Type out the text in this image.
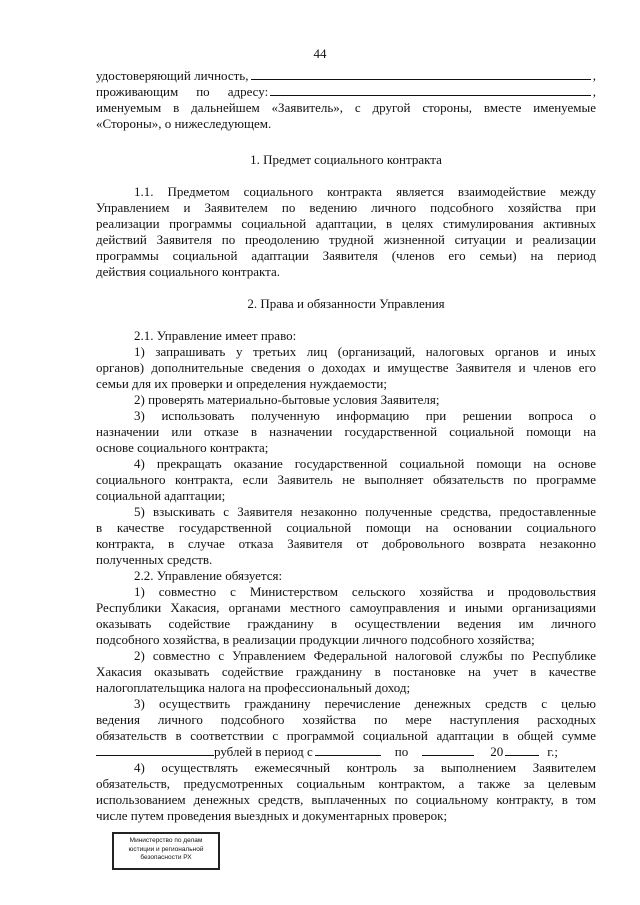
44
удостоверяющий личность,	,
проживающим по адресу:	,
именуемым в дальнейшем «Заявитель», с другой стороны, вместе именуемые
«Стороны», о нижеследующем.
1. Предмет социального контракта
1.1. Предметом социального контракта является взаимодействие между
Управлением и Заявителем по ведению личного подсобного хозяйства при
реализации программы социальной адаптации, в целях стимулирования активных
действий Заявителя по преодолению трудной жизненной ситуации и реализации
программы социальной адаптации Заявителя (членов его семьи) на период
действия социального контракта.
2. Права и обязанности Управления
2.1. Управление имеет право:
1) запрашивать у третьих лиц (организаций, налоговых органов и иных
органов) дополнительные сведения о доходах и имуществе Заявителя и членов его
семьи для их проверки и определения нуждаемости;
2) проверять материально-бытовые условия Заявителя;
3) использовать полученную информацию при решении вопроса о
назначении или отказе в назначении государственной социальной помощи на
основе социального контракта;
4) прекращать оказание государственной социальной помощи на основе
социального контракта, если Заявитель не выполняет обязательств по программе
социальной адаптации;
5) взыскивать с Заявителя незаконно полученные средства, предоставленные
в качестве государственной социальной помощи на основании социального
контракта, в случае отказа Заявителя от добровольного возврата незаконно
полученных средств.
2.2. Управление обязуется:
1) совместно с Министерством сельского хозяйства и продовольствия
Республики Хакасия, органами местного самоуправления и иными организациями
оказывать содействие гражданину в осуществлении ведения им личного
подсобного хозяйства, в реализации продукции личного подсобного хозяйства;
2) совместно с Управлением Федеральной налоговой службы по Республике
Хакасия оказывать содействие гражданину в постановке на учет в качестве
налогоплательщика налога на профессиональный доход;
3) осуществить гражданину перечисление денежных средств с целью
ведения личного подсобного хозяйства по мере наступления расходных
обязательств в соответствии с программой социальной адаптации в общей сумме
рублей в период с	по	20	г.;
4) осуществлять ежемесячный контроль за выполнением Заявителем
обязательств, предусмотренных социальным контрактом, а также за целевым
использованием денежных средств, выплаченных по социальному контракту, в том
числе путем проведения выездных и документарных проверок;
Министерство по делам
юстиции и региональной
безопасности РХ
